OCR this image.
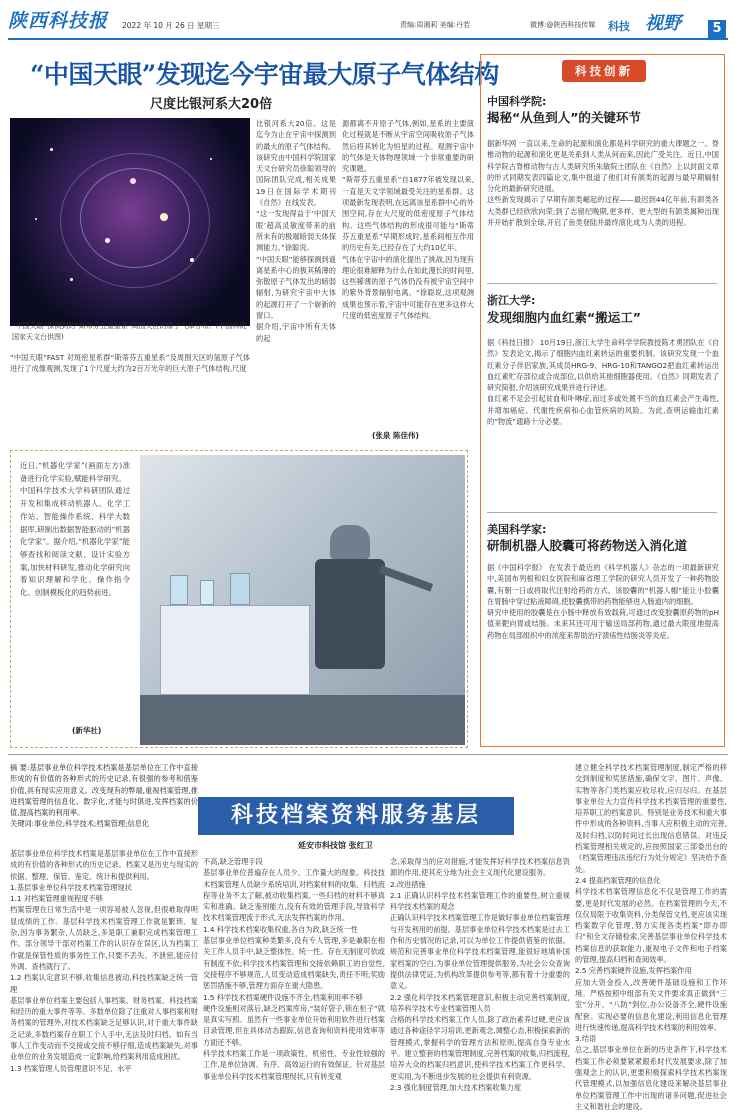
陕西科技报 2022 年 10 月 26 日 星期三	责编:周湘莉 美编:丹若	微博:@陕西科技传媒 科技 视野	5
“中国天眼”发现迄今宇宙最大原子气体结构
尺度比银河系大20倍
“中国天眼”探测到的“斯蒂芬五重星系”周围天区的原子气体分布。(中国科院国家天文台供图)
“中国天眼”FAST 对斑密星系群“斯蒂芬五重星系”及周围天区的氢原子气体进行了成像观测,发现了1个尺度大约为2百万光年的巨大原子气体结构,尺度
比银河系大20倍。这是迄今为止在宇宙中探测到的最大的原子气体结构。
该研究由中国科学院国家天文台研究员徐聪领导的国际团队完成,相关成果19日在国际学术期刊《自然》在线发表。
“这一发现得益于‘中国天眼’超高灵敏度带来的前所未有的极端暗弱天体探测能力。”徐聪说。
“中国天眼”能够探测到遥离星系中心的极其稀薄的弥散原子气体发出的暗弱辐射,为研究宇宙中大体的起源打开了一个崭新的窗口。
据介绍,宇宙中所有天体的起
源都离不开原子气体,例如,星系的主要演化过程就是不断从宇宙空间吸收原子气体然后将其转化为恒星的过程。观测宇宙中的气体是天体物理领域一个非常重要的研究课题。
“斯蒂芬五重星系”自1877年被发现以来,一直是天文学领域最受关注的星系群。这项最新发现表明,在远离该星系群中心的外围空间,存在大尺度的低密度原子气体结构。这些气体结构的形成很可能与“斯蒂芬五重星系”早期形成时,星系间相互作用的历史有关,已经存在了大约10亿年。
气体在宇宙中的演化提出了挑战,因为现有理论很难解释为什么在如此漫长的时间里,这些稀薄的原子气体仍没有被宇宙空间中的紫外背景辐射电离。“徐聪说,这项观测成果也预示着,宇宙中可能存在更多这样大尺度的低密度原子气体结构。
(张泉 陈佳伟)
科技创新
中国科学院:
揭秘“从鱼到人”的关键环节
据新华网 一直以来,生命的起源和演化都是科学研究的重大课题之一。脊椎动物的起源和演化更是关系到人类从何而来,因此广受关注。近日,中国科学院古脊椎动物与古人类研究所朱敏院士团队在《自然》上以封面文章的形式同期发表四篇论文,集中报道了他们对有颌类的起源与最早期辐射分化的最新研究进展。
这些新发现揭示了早期有颌类崛起的过程——最迟到44亿年前,有颌类各大类群已经欣欣向荣;到了志留纪晚期,更多样、更大型的有颌类属种出现并开始扩散到全球,开启了鱼类登陆并最终演化成为人类的进程。
浙江大学:
发现细胞内血红素“搬运工”
据《科技日报》 10月19日,浙江大学生命科学学院教授陈才勇团队在《自然》发表论文,揭示了细胞内血红素转运的重要机制。该研究发现一个血红素分子伴侣家族,其成员HRG-9、HRG-10和TANGO2把血红素转运出血红素贮存部位或合成部位,以供给其他细胞器使用。《自然》同期发表了研究简报,介绍该研究成果并进行评述。
血红素不足会引起贫血和卟啉症,而过多或处置不当的血红素会产生毒性,并增加癌症、代谢性疾病和心血管疾病的风险。为此,查明运输血红素的“物流”通路十分必要。
美国科学家:
研制机器人胶囊可将药物送入消化道
据《中国科学报》 在发表于最近的《科学机器人》杂志的一项最新研究中,美国布列根和妇女医院和麻省理工学院的研究人员开发了一种药物胶囊,有朝一日或将取代注射给药的方式。该胶囊的“机器人帽”能让小胶囊在胃肠中穿过粘液障碍,使胶囊携带的药物能够进入肠道内的细胞。
研究中使用的胶囊是在小肠中释放有效载荷,可通过改变胶囊原药物的pH值来靶向胃或结肠。未来其还可用于输送局部药物,通过最大限度地提高药物在局部组织中的浓度来帮助治疗溃疡性结肠炎等炎症。
近日,“机器化学家”(画面左方)准备进行化学实验,赋能科学研究。
中国科学技术大学科研团队通过开发和集成移动机器人、化学工作站、智能操作系统、科学大数据库,研制出数据智能驱动的“机器化学家”。据介绍,“机器化学家”能够查找和阅读文献、设计实验方案,加快材料研发,推动化学研究向着知识理解和学化、操作指令化、创制模板化的趋势前进。
(新华社)
摘 要:基层事业单位科学技术档案是基层单位在工作中直接形成的有价值的各种形式的历史记录,有很强的参考和借鉴价值,具有现实应用意义。改变现有的弊端,重视档案管理,推进档案管理的信息化、数字化,才能与时俱进,发挥档案的价值,提高档案的利用率。
关键词:事业单位;科学技术;档案管理;信息化	科技档案资料服务基层
延安市科技馆 张红卫
基层事业单位科学技术档案是基层事业单位在工作中直接形成的有价值的各种形式的历史记录。档案又是历史与现实的依据、整理、保管、鉴定、统计和提供利用。
1.基层事业单位科学技术档案管理现状
1.1 对档案管理重视程度不够
档案管理在日常生活中是一项容易被人忽视,但很难取得明显成绩的工作。基层科学技术档案管理工作就是繁琐、复杂,因为事务繁杂,人员缺乏,多是职工兼职完成档案管理工作。部分领导干部对档案工作的认识存在误区,认为档案工作就是保管性质的事务性工作,只要不丢失、不泄密,能应付外调、查档就行了。
1.2 档案认定意识不够,收集信息被动,科技档案缺乏统一管理
基层事业单位档案主要包括人事档案、财务档案、科技档案和经历的重大事件等等。多数单位除了注重对人事档案和财务档案的管理外,对技术档案缺乏足够认识,对于重大事件缺乏记录,多数档案存在职工个人手中,无法及时归档。如有当事人工作变动而不交接或交接不够仔细,造成档案缺失,对事业单位的业务发展造成一定影响,给档案利用造成困扰。
1.3 档案管理人员管理意识不足、水平
不高,缺乏管理手段
基层事业单位普遍存在人员少、工作量大的现象。科技技术档案管理人员缺少系统培训,对档案材料的收集、归档流程等业务不太了解,被动收集档案,一些归档的材料不够真实和准确。缺乏鉴别能力,没有有效的管理手段,导致科学技术档案管理流于形式,无法发挥档案的作用。
1.4 科学技术档案收集权重,各自为政,缺乏统一性
基层事业单位档案种类繁多,没有专人管理,多是兼职在相关工作人员手中,缺乏整体性、统一性。存在无制度可依或有制度不依;科学技术档案管理和交接依赖职工的自觉性,交接程序不够规范,人员变动造成档案缺失,责任不明;奖励惩罚措施不够,管理方面存在重大隐患。
1.5 科学技术档案硬件设施不齐全,档案利用率不够
硬件设施相对落后,缺乏档案库房,“装好袋子,锁在柜子”就是真实写照。虽然有一些事业单位开始利用软件进行档案目录管理,但在具体动态跟踪,信息查询和资料使用效率等方面还不够。
科学技术档案工作是一项政策性、机密性、专业性较强的工作,是单位协调、有序、高效运行的有效保证。针对基层事业单位科学技术档案管理现状,只有转变观
念,采取得当的应对措施,才能发挥好科学技术档案信息资源的作用,使其充分地为社会主义现代化建设服务。
2.改进措施
2.1 正确认识科学技术档案管理工作的重要性,树立重视科学技术档案的观念
正确认识科学技术档案管理工作是做好事业单位档案管理与开发利用的前提。基层事业单位科学技术档案是过去工作和历史情况的记录,可以为单位工作提供借鉴的依据。规范和完善事业单位科学技术档案管理,能很好地填补国家档案的空白,为事业单位管理提供服务,为社会公众查询提供法律凭证,为机构改革提供参考等,都有着十分重要的意义。
2.2 强化科学技术档案管理意识,积极主动完善档案制度,培养科学技术专业档案管理人员
合格的科学技术档案工作人员,除了政治素养过硬,更应该通过各种途径学习培训,更新观念,调整心态,积极探索新的管理模式,掌握科学的管理方法和原则,提高自身专业水平。建立整套的档案管理制度,完善档案的收集,归档流程,培养大众的档案归档意识,使科学技术档案工作更科学、更实用,为不断进步发展的社会提供有利资源。
2.3 强化制度管理,加大技术档案收集力度
建立健全科学技术档案管理制度,制定严格的移交到制度和奖惩措施,确保文字、图片、声像、实物等各门类档案应收尽收,应归尽归。在基层事业单位大力宣传科学技术档案管理的重要性,培养职工的档案意识。特别是业务技术和重大事件中形成的各种资料,当事人应积极主动的完善,及时归档,以防时间过长出现信息错误。对违反档案管理相关规定的,应按照国家三部委出台的《档案管理违法违纪行为处分规定》坚决给予查处。
2.4 提高档案管理的信息化
科学技术档案管理信息化不仅是管理工作的需要,更是时代发展的必然。在档案管理的今天,不仅仅局限于收集资料,分类保管文档,更应该实现档案数字化管理,努力实现各类档案“即办即归”和全文存储检索,完善基层事业单位科学技术档案信息的获取能力,重视电子文件和电子档案的管理,提高归档和查阅效率。
2.5 完善档案硬件设施,发挥档案作用
应加大资金投入,改善硬件基础设施和工作环境。严格按照中组部有关文件要求真正做到“三室”分开、“八防”到位,办公设备齐全,硬件设施配套。实现必要的信息化建设,利用信息化管理进行快速传递,提高科学技术档案的利用效率。
3.结语
总之,基层事业单位在新的历史条件下,科学技术档案工作必须要紧紧跟系时代发展要求,除了加强观念上的认识,更要积极探索科学技术档案现代管理模式,以加强信息化建设来解决基层事业单位档案管理工作中出现的诸多问题,促进社会主义和谐社会的建设。
